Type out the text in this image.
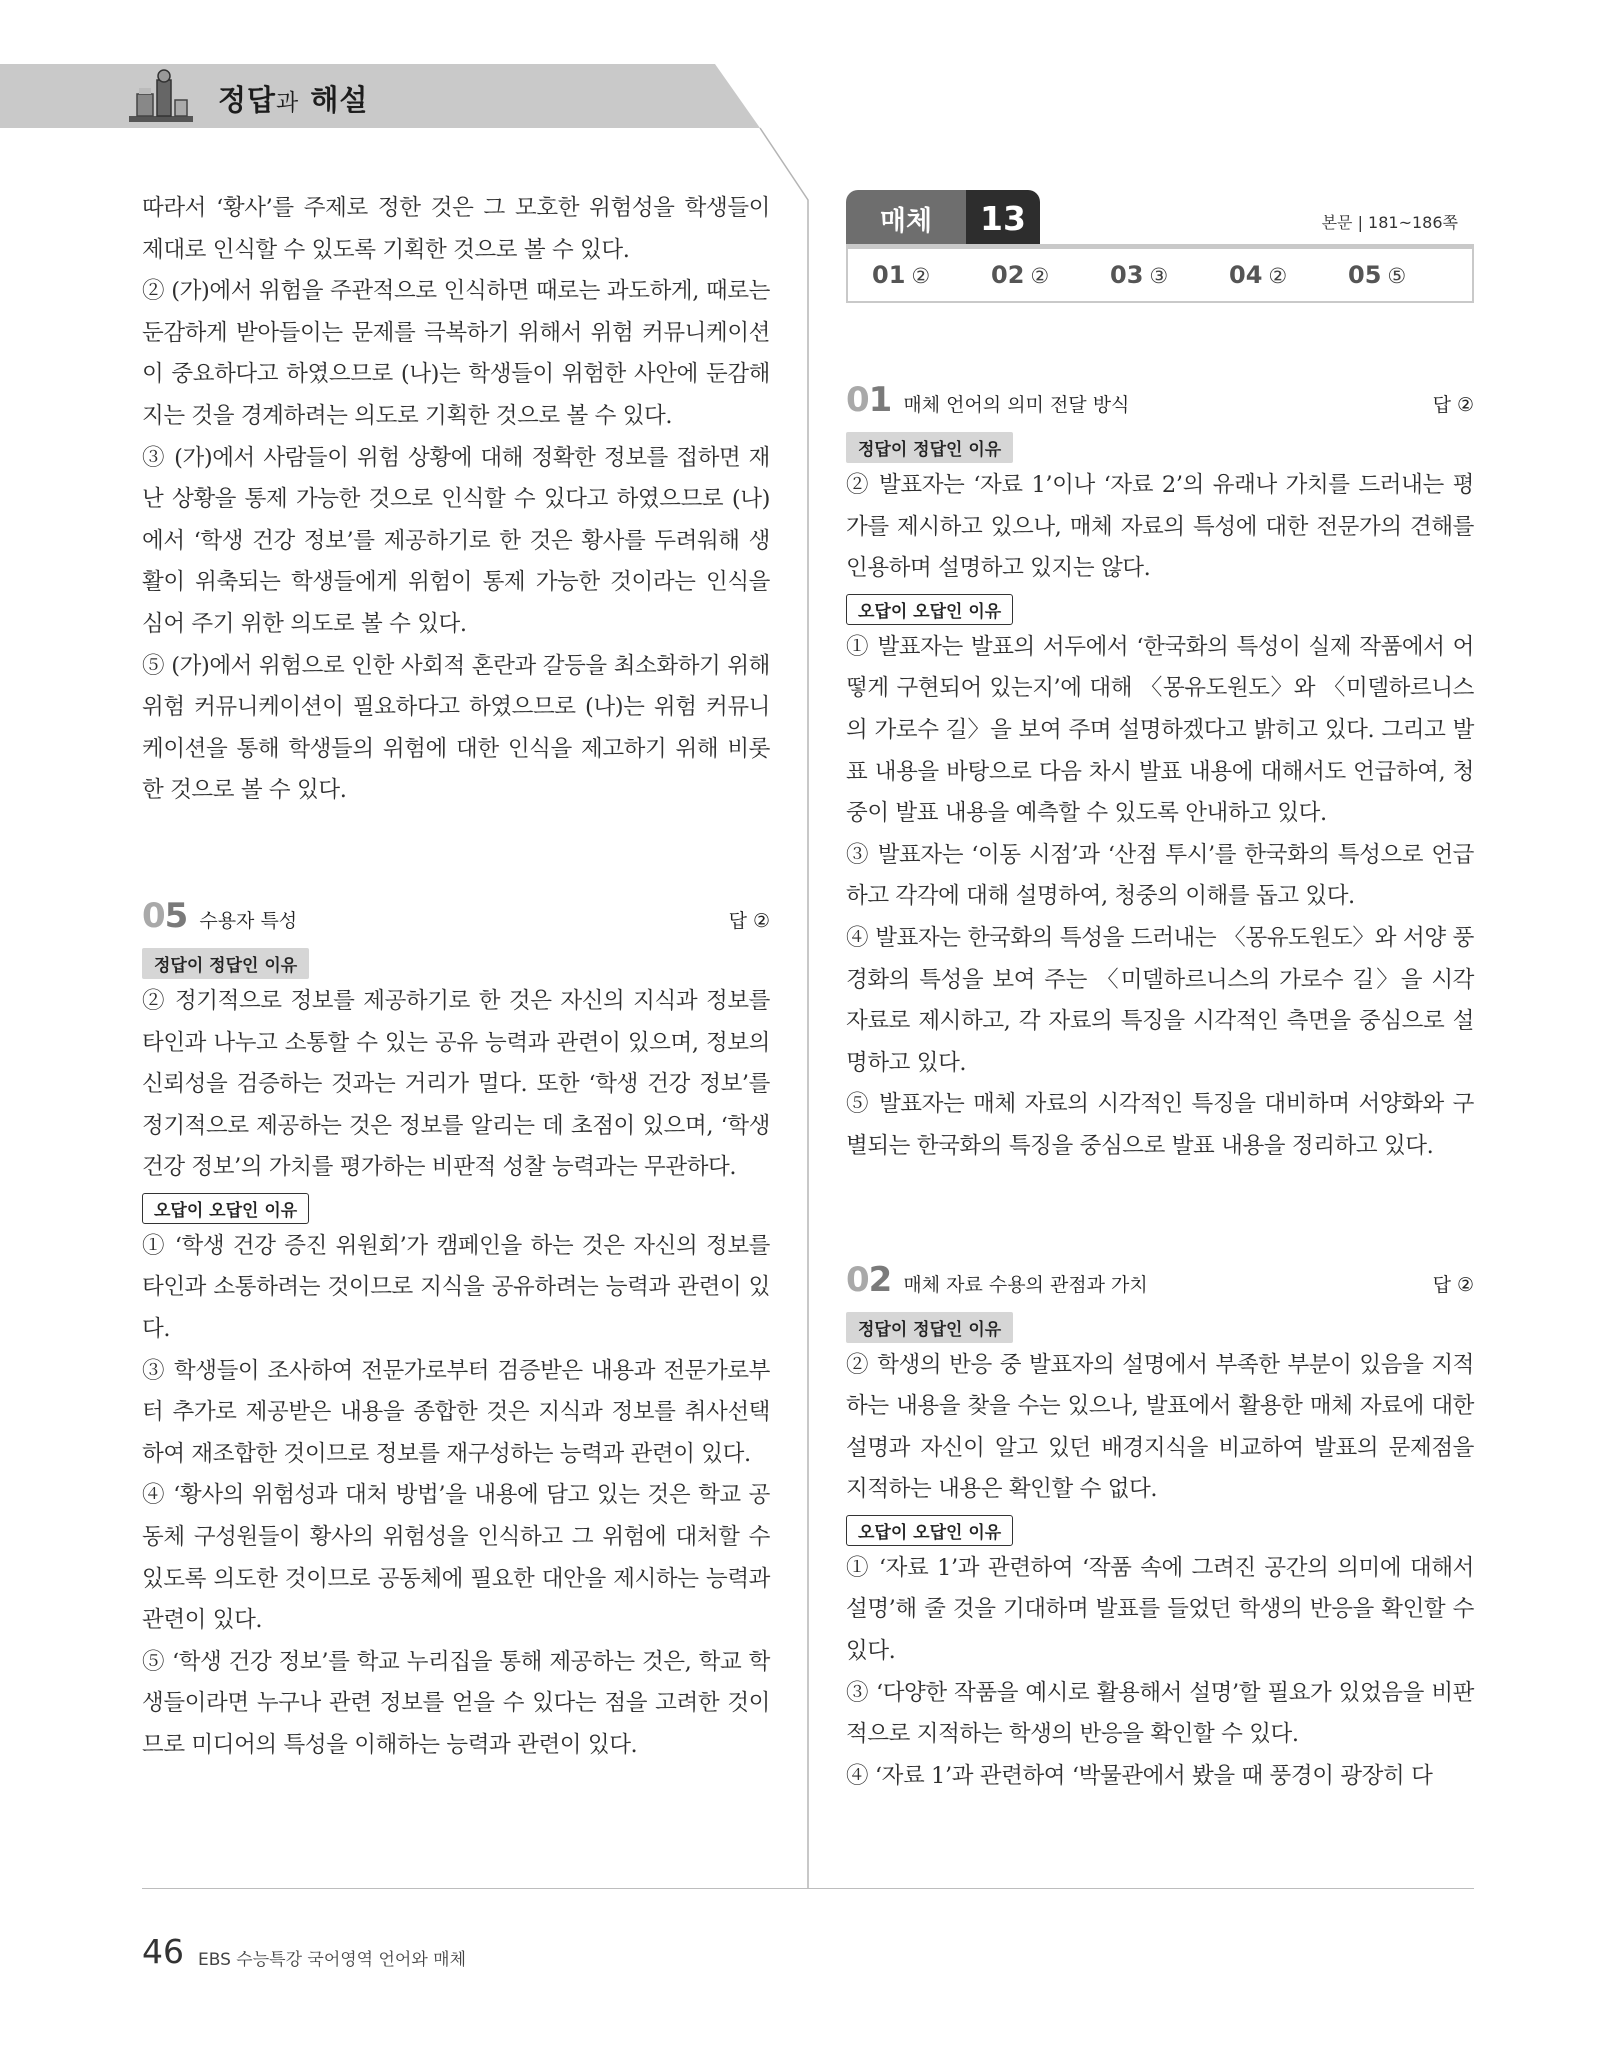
정답과 해설

따라서 ‘황사’를 주제로 정한 것은 그 모호한 위험성을 학생들이 제대로 인식할 수 있도록 기획한 것으로 볼 수 있다.

② (가)에서 위험을 주관적으로 인식하면 때로는 과도하게, 때로는 둔감하게 받아들이는 문제를 극복하기 위해서 위험 커뮤니케이션이 중요하다고 하였으므로 (나)는 학생들이 위험한 사안에 둔감해지는 것을 경계하려는 의도로 기획한 것으로 볼 수 있다.

③ (가)에서 사람들이 위험 상황에 대해 정확한 정보를 접하면 재난 상황을 통제 가능한 것으로 인식할 수 있다고 하였으므로 (나)에서 ‘학생 건강 정보’를 제공하기로 한 것은 황사를 두려워해 생활이 위축되는 학생들에게 위험이 통제 가능한 것이라는 인식을 심어 주기 위한 의도로 볼 수 있다.

⑤ (가)에서 위험으로 인한 사회적 혼란과 갈등을 최소화하기 위해 위험 커뮤니케이션이 필요하다고 하였으므로 (나)는 위험 커뮤니케이션을 통해 학생들의 위험에 대한 인식을 제고하기 위해 비롯한 것으로 볼 수 있다.

05 수용자 특성	답 ②
정답이 정답인 이유

② 정기적으로 정보를 제공하기로 한 것은 자신의 지식과 정보를 타인과 나누고 소통할 수 있는 공유 능력과 관련이 있으며, 정보의 신뢰성을 검증하는 것과는 거리가 멀다. 또한 ‘학생 건강 정보’를 정기적으로 제공하는 것은 정보를 알리는 데 초점이 있으며, ‘학생 건강 정보’의 가치를 평가하는 비판적 성찰 능력과는 무관하다.

오답이 오답인 이유

① ‘학생 건강 증진 위원회’가 캠페인을 하는 것은 자신의 정보를 타인과 소통하려는 것이므로 지식을 공유하려는 능력과 관련이 있다.

③ 학생들이 조사하여 전문가로부터 검증받은 내용과 전문가로부터 추가로 제공받은 내용을 종합한 것은 지식과 정보를 취사선택하여 재조합한 것이므로 정보를 재구성하는 능력과 관련이 있다.

④ ‘황사의 위험성과 대처 방법’을 내용에 담고 있는 것은 학교 공동체 구성원들이 황사의 위험성을 인식하고 그 위험에 대처할 수 있도록 의도한 것이므로 공동체에 필요한 대안을 제시하는 능력과 관련이 있다.

⑤ ‘학생 건강 정보’를 학교 누리집을 통해 제공하는 것은, 학교 학생들이라면 누구나 관련 정보를 얻을 수 있다는 점을 고려한 것이므로 미디어의 특성을 이해하는 능력과 관련이 있다.

매체	13	본문 | 181~186쪽
01 ②	02 ②	03 ③	04 ②	05 ⑤
01 매체 언어의 의미 전달 방식	답 ②
정답이 정답인 이유

② 발표자는 ‘자료 1’이나 ‘자료 2’의 유래나 가치를 드러내는 평가를 제시하고 있으나, 매체 자료의 특성에 대한 전문가의 견해를 인용하며 설명하고 있지는 않다.

오답이 오답인 이유

① 발표자는 발표의 서두에서 ‘한국화의 특성이 실제 작품에서 어떻게 구현되어 있는지’에 대해 〈몽유도원도〉와 〈미델하르니스의 가로수 길〉을 보여 주며 설명하겠다고 밝히고 있다. 그리고 발표 내용을 바탕으로 다음 차시 발표 내용에 대해서도 언급하여, 청중이 발표 내용을 예측할 수 있도록 안내하고 있다.

③ 발표자는 ‘이동 시점’과 ‘산점 투시’를 한국화의 특성으로 언급하고 각각에 대해 설명하여, 청중의 이해를 돕고 있다.

④ 발표자는 한국화의 특성을 드러내는 〈몽유도원도〉와 서양 풍경화의 특성을 보여 주는 〈미델하르니스의 가로수 길〉을 시각 자료로 제시하고, 각 자료의 특징을 시각적인 측면을 중심으로 설명하고 있다.

⑤ 발표자는 매체 자료의 시각적인 특징을 대비하며 서양화와 구별되는 한국화의 특징을 중심으로 발표 내용을 정리하고 있다.

02 매체 자료 수용의 관점과 가치	답 ②
정답이 정답인 이유

② 학생의 반응 중 발표자의 설명에서 부족한 부분이 있음을 지적하는 내용을 찾을 수는 있으나, 발표에서 활용한 매체 자료에 대한 설명과 자신이 알고 있던 배경지식을 비교하여 발표의 문제점을 지적하는 내용은 확인할 수 없다.

오답이 오답인 이유

① ‘자료 1’과 관련하여 ‘작품 속에 그려진 공간의 의미에 대해서 설명’해 줄 것을 기대하며 발표를 들었던 학생의 반응을 확인할 수 있다.

③ ‘다양한 작품을 예시로 활용해서 설명’할 필요가 있었음을 비판적으로 지적하는 학생의 반응을 확인할 수 있다.

④ ‘자료 1’과 관련하여 ‘박물관에서 봤을 때 풍경이 광장히 다

46 EBS 수능특강 국어영역 언어와 매체
